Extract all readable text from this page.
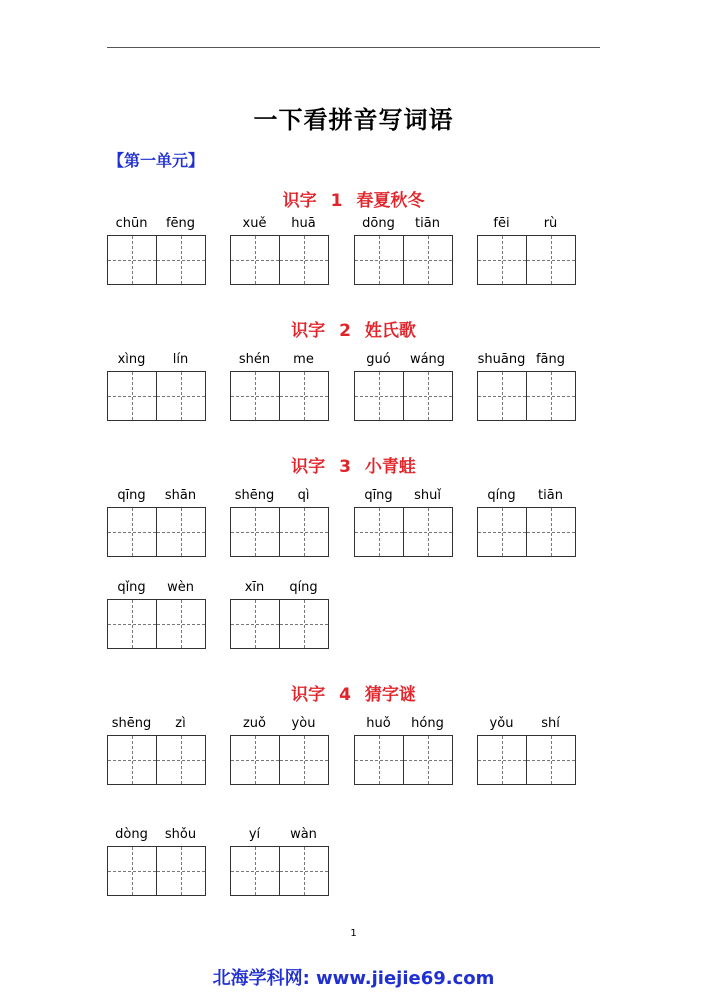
一下看拼音写词语
【第一单元】
识字 1 春夏秋冬
识字 2 姓氏歌
识字 3 小青蛙
识字 4 猜字谜
chūn	fēng	xuě	huā	dōng	tiān	fēi	rù
xìng	lín	shén	me	guó	wáng	shuāng fāng
qīng	shān	shēng	qì	qīng	shuǐ	qíng	tiān
qǐng	wèn	xīn	qíng
shēng	zì	zuǒ	yòu	huǒ	hóng	yǒu	shí
dòng	shǒu	yí	wàn
1
北海学科网: www.jiejie69.com
